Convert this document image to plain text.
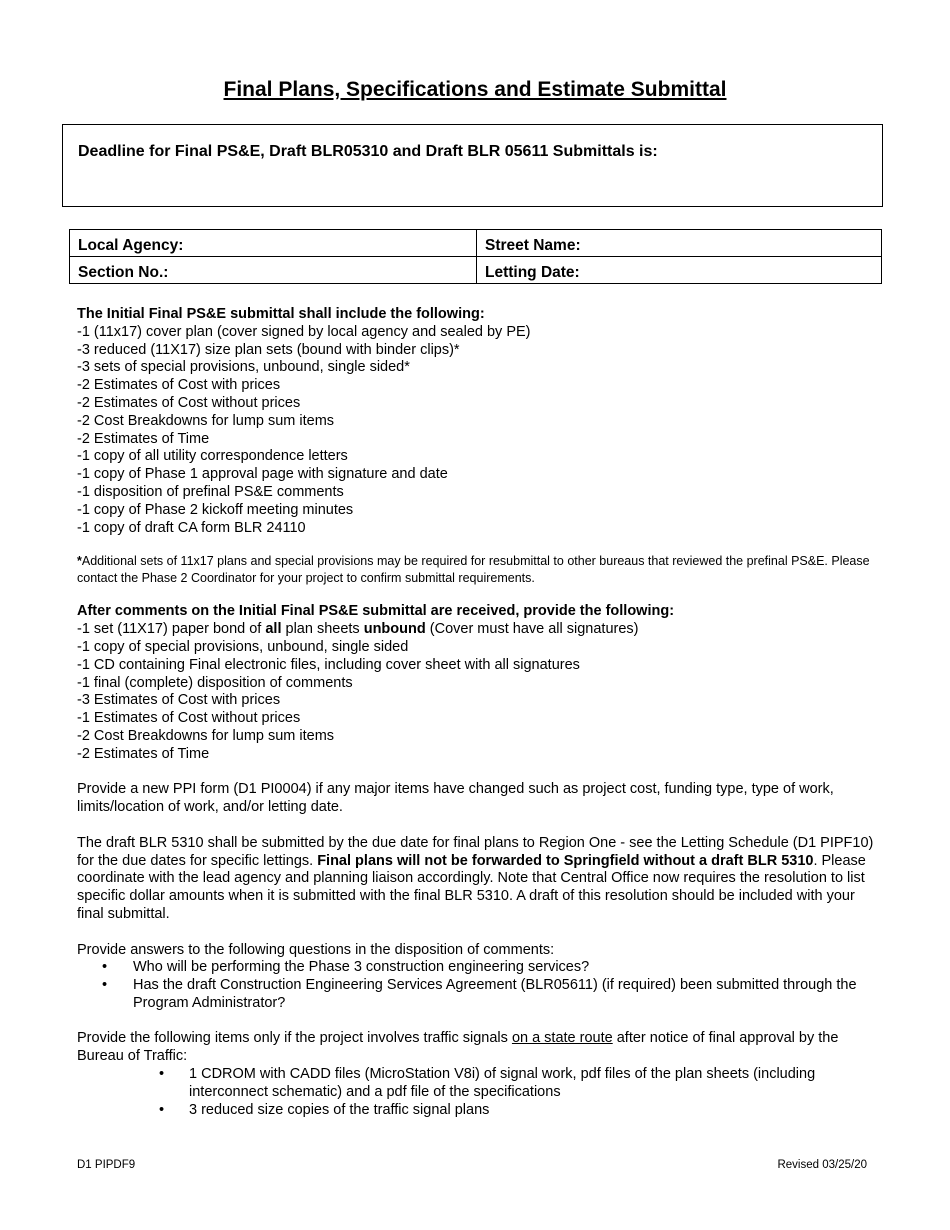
Final Plans, Specifications and Estimate Submittal
Deadline for Final PS&E, Draft BLR05310 and Draft BLR 05611 Submittals is:
Local Agency:	Street Name:
Section No.:	Letting Date:

The Initial Final PS&E submittal shall include the following:

-1 (11x17) cover plan (cover signed by local agency and sealed by PE)

-3 reduced (11X17) size plan sets (bound with binder clips)*

-3 sets of special provisions, unbound, single sided*

-2 Estimates of Cost with prices

-2 Estimates of Cost without prices

-2 Cost Breakdowns for lump sum items

-2 Estimates of Time

-1 copy of all utility correspondence letters

-1 copy of Phase 1 approval page with signature and date

-1 disposition of prefinal PS&E comments

-1 copy of Phase 2 kickoff meeting minutes

-1 copy of draft CA form BLR 24110

*Additional sets of 11x17 plans and special provisions may be required for resubmittal to other bureaus that reviewed the prefinal PS&E. Please contact the Phase 2 Coordinator for your project to confirm submittal requirements.

After comments on the Initial Final PS&E submittal are received, provide the following:

-1 set (11X17) paper bond of all plan sheets unbound (Cover must have all signatures)

-1 copy of special provisions, unbound, single sided

-1 CD containing Final electronic files, including cover sheet with all signatures

-1 final (complete) disposition of comments

-3 Estimates of Cost with prices

-1 Estimates of Cost without prices

-2 Cost Breakdowns for lump sum items

-2 Estimates of Time

Provide a new PPI form (D1 PI0004) if any major items have changed such as project cost, funding type, type of work, limits/location of work, and/or letting date.

The draft BLR 5310 shall be submitted by the due date for final plans to Region One - see the Letting Schedule (D1 PIPF10) for the due dates for specific lettings. Final plans will not be forwarded to Springfield without a draft BLR 5310. Please coordinate with the lead agency and planning liaison accordingly. Note that Central Office now requires the resolution to list specific dollar amounts when it is submitted with the final BLR 5310. A draft of this resolution should be included with your final submittal.

Provide answers to the following questions in the disposition of comments:

• Who will be performing the Phase 3 construction engineering services?
• Has the draft Construction Engineering Services Agreement (BLR05611) (if required) been submitted through the Program Administrator?

Provide the following items only if the project involves traffic signals on a state route after notice of final approval by the Bureau of Traffic:

• 1 CDROM with CADD files (MicroStation V8i) of signal work, pdf files of the plan sheets (including interconnect schematic) and a pdf file of the specifications
• 3 reduced size copies of the traffic signal plans
D1 PIPDF9	Revised 03/25/20
